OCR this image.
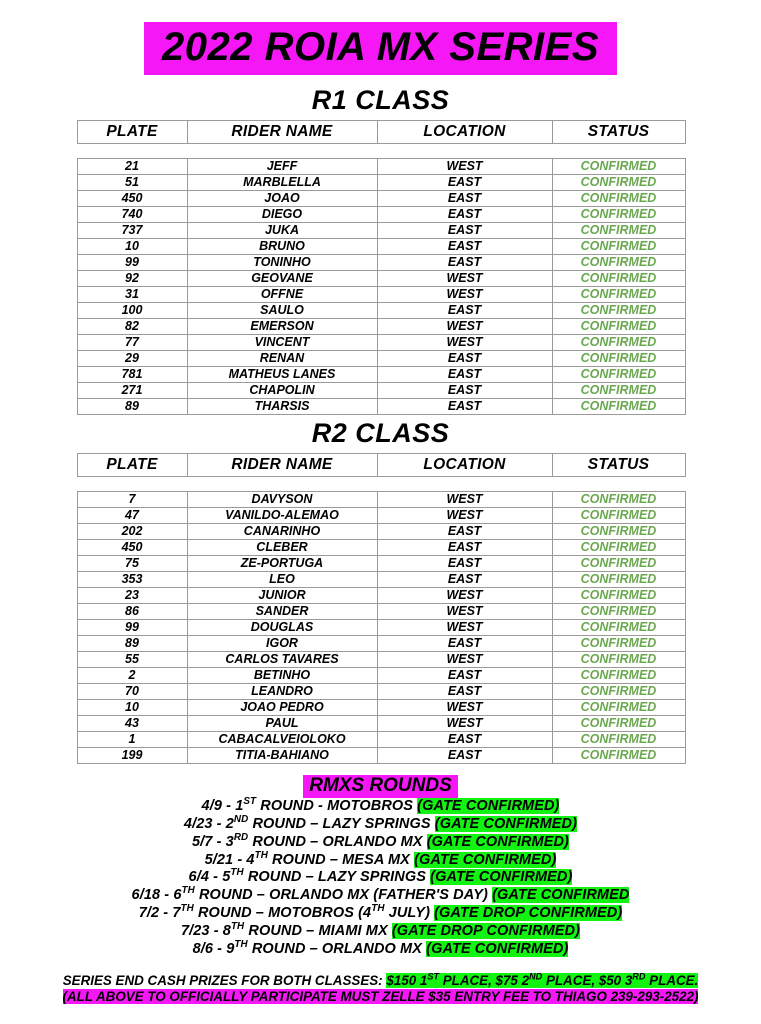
2022 ROIA MX SERIES
R1 CLASS
PLATE	RIDER NAME	LOCATION	STATUS
21	JEFF	WEST	CONFIRMED
51	MARBLELLA	EAST	CONFIRMED
450	JOAO	EAST	CONFIRMED
740	DIEGO	EAST	CONFIRMED
737	JUKA	EAST	CONFIRMED
10	BRUNO	EAST	CONFIRMED
99	TONINHO	EAST	CONFIRMED
92	GEOVANE	WEST	CONFIRMED
31	OFFNE	WEST	CONFIRMED
100	SAULO	EAST	CONFIRMED
82	EMERSON	WEST	CONFIRMED
77	VINCENT	WEST	CONFIRMED
29	RENAN	EAST	CONFIRMED
781	MATHEUS LANES	EAST	CONFIRMED
271	CHAPOLIN	EAST	CONFIRMED
89	THARSIS	EAST	CONFIRMED
R2 CLASS
PLATE	RIDER NAME	LOCATION	STATUS
7	DAVYSON	WEST	CONFIRMED
47	VANILDO-ALEMAO	WEST	CONFIRMED
202	CANARINHO	EAST	CONFIRMED
450	CLEBER	EAST	CONFIRMED
75	ZE-PORTUGA	EAST	CONFIRMED
353	LEO	EAST	CONFIRMED
23	JUNIOR	WEST	CONFIRMED
86	SANDER	WEST	CONFIRMED
99	DOUGLAS	WEST	CONFIRMED
89	IGOR	EAST	CONFIRMED
55	CARLOS TAVARES	WEST	CONFIRMED
2	BETINHO	EAST	CONFIRMED
70	LEANDRO	EAST	CONFIRMED
10	JOAO PEDRO	WEST	CONFIRMED
43	PAUL	WEST	CONFIRMED
1	CABACALVEIOLOKO	EAST	CONFIRMED
199	TITIA-BAHIANO	EAST	CONFIRMED
RMXS ROUNDS
4/9 - 1ST ROUND - MOTOBROS (GATE CONFIRMED)
4/23 - 2ND ROUND – LAZY SPRINGS (GATE CONFIRMED)
5/7 - 3RD ROUND – ORLANDO MX (GATE CONFIRMED)
5/21 - 4TH ROUND – MESA MX (GATE CONFIRMED)
6/4 - 5TH ROUND – LAZY SPRINGS (GATE CONFIRMED)
6/18 - 6TH ROUND – ORLANDO MX (FATHER'S DAY) (GATE CONFIRMED
7/2 - 7TH ROUND – MOTOBROS (4TH JULY) (GATE DROP CONFIRMED)
7/23 - 8TH ROUND – MIAMI MX (GATE DROP CONFIRMED)
8/6 - 9TH ROUND – ORLANDO MX (GATE CONFIRMED)
SERIES END CASH PRIZES FOR BOTH CLASSES: $150 1ST PLACE, $75 2ND PLACE, $50 3RD PLACE.
(ALL ABOVE TO OFFICIALLY PARTICIPATE MUST ZELLE $35 ENTRY FEE TO THIAGO 239-293-2522)
